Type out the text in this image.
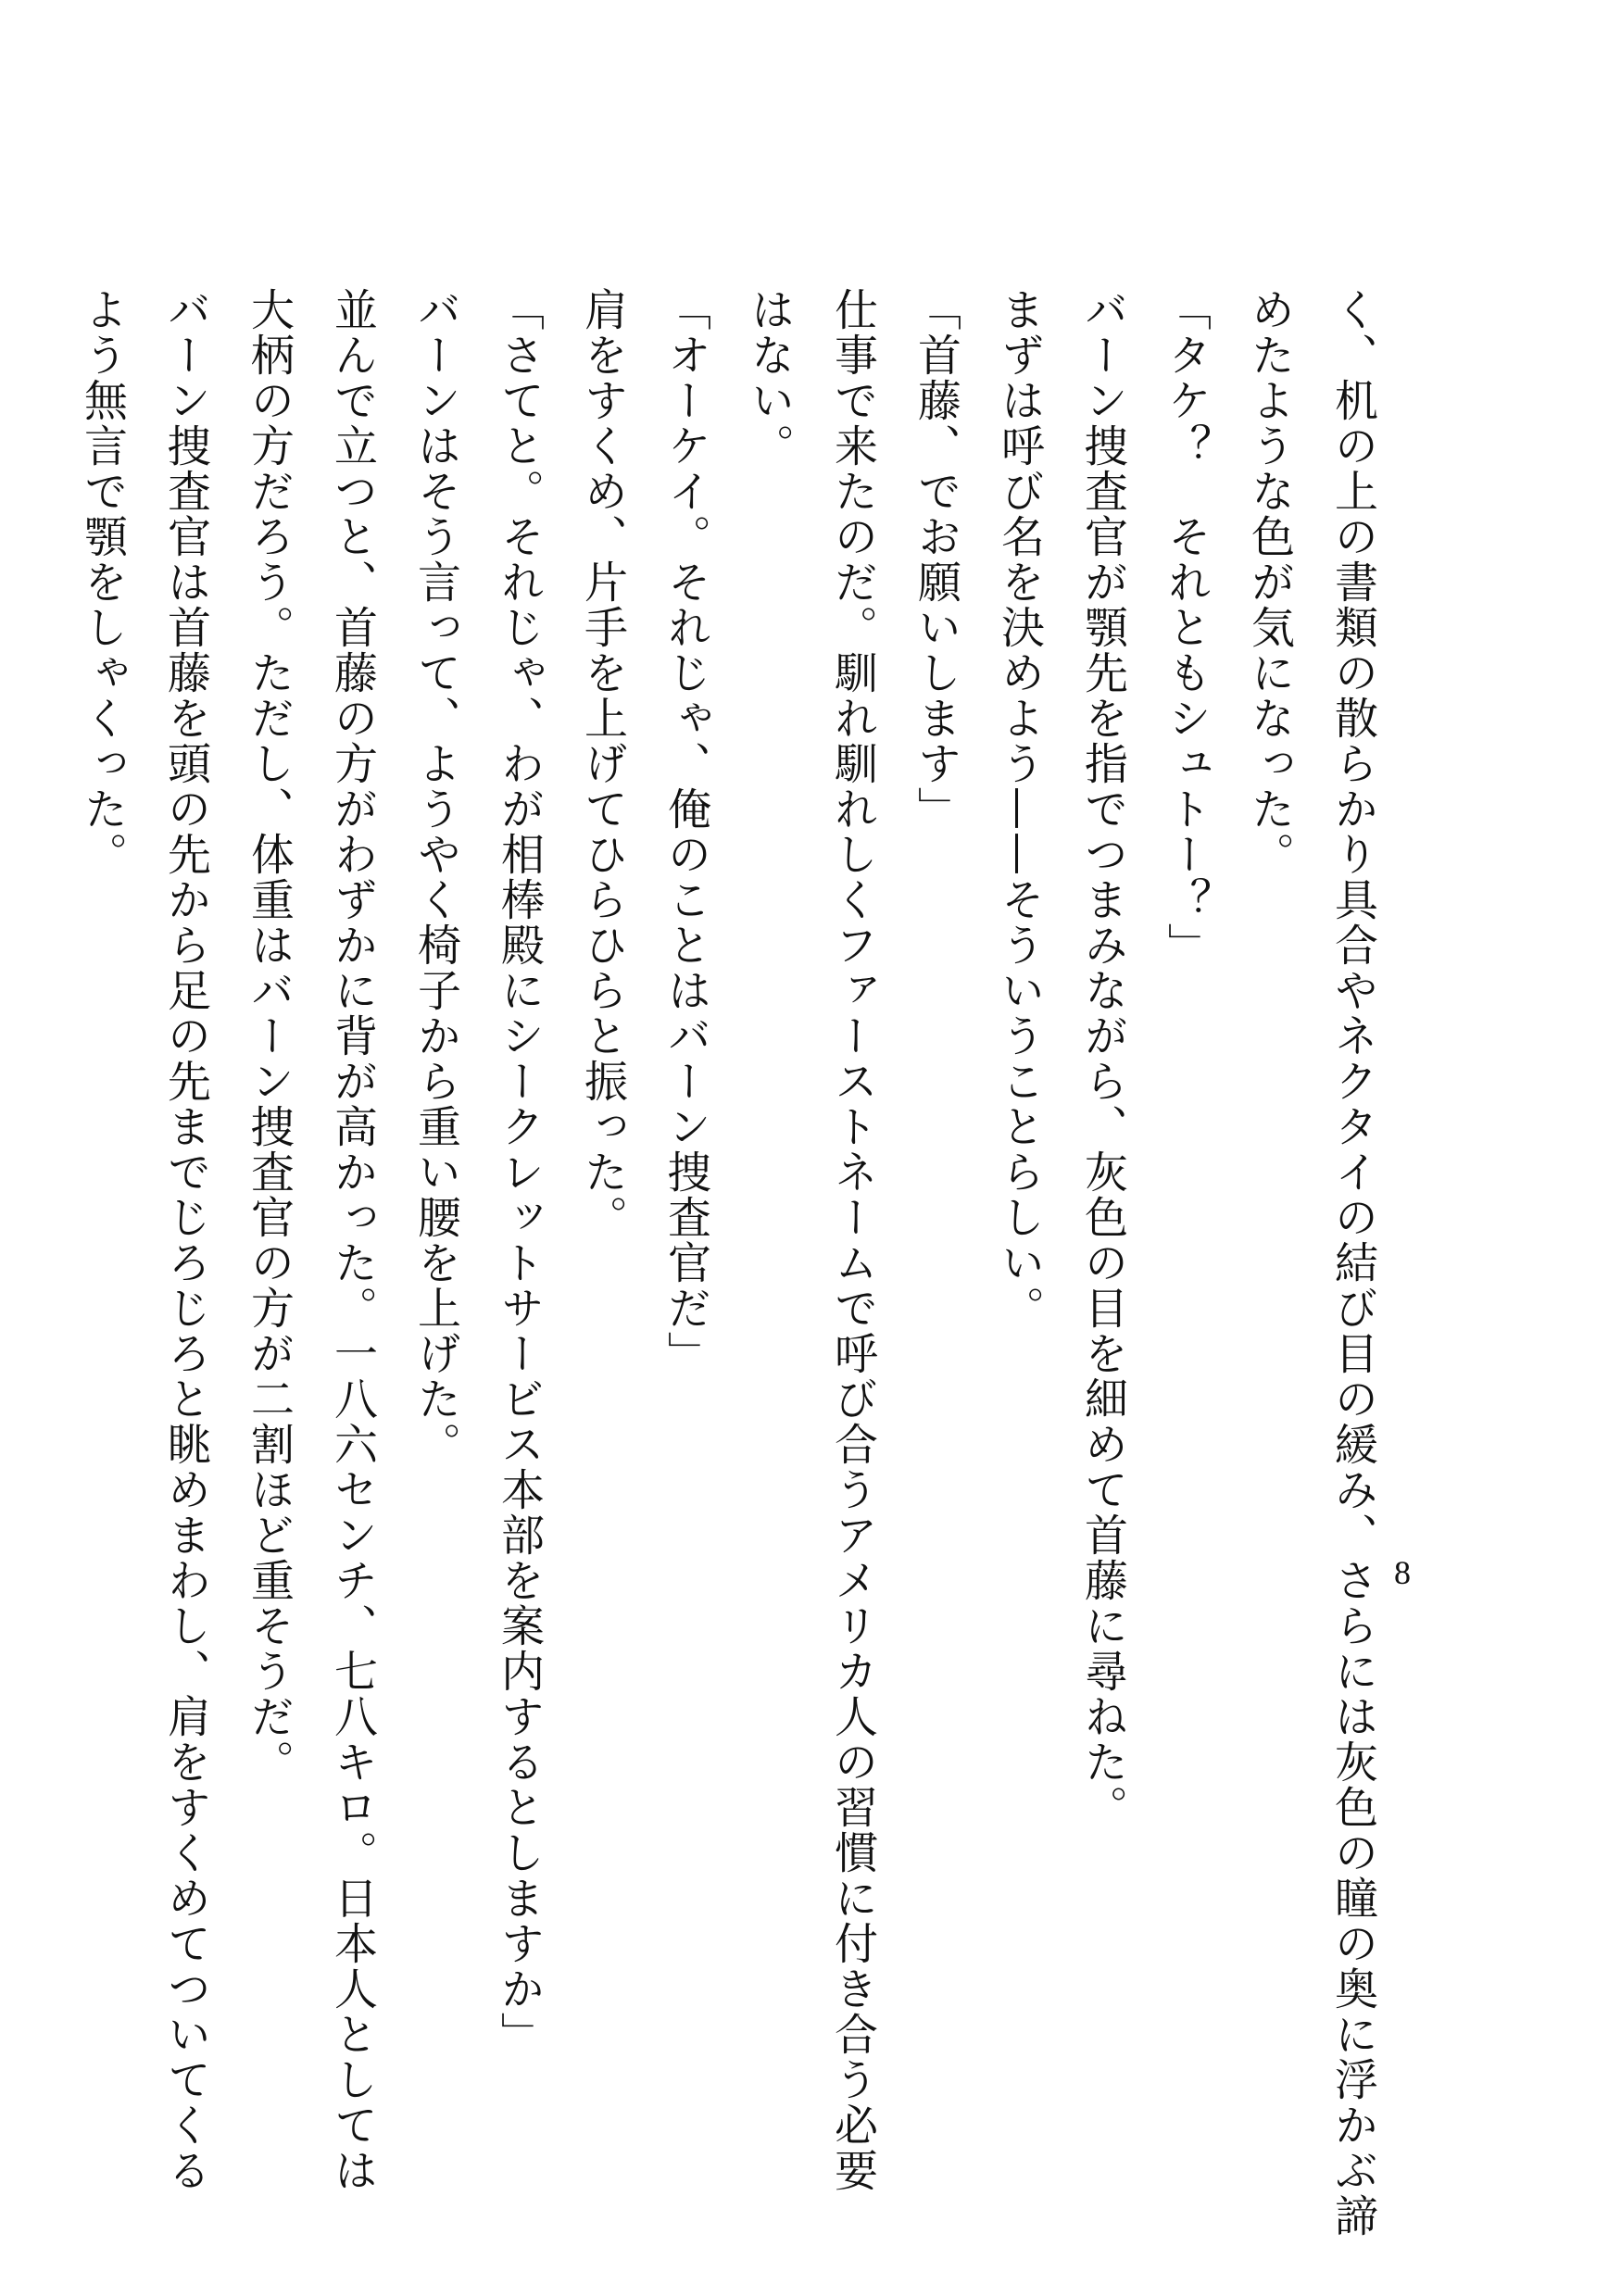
く、机の上の書類の散らかり具合やネクタイの結び目の緩み、さらには灰色の瞳の奥に浮かぶ諦

めたような色が気になった。

「タケ？　それともシュトー？」

バーン捜査官が顎先を指でつまみながら、灰色の目を細めて首藤に尋ねた。

まずは呼び名を決めよう——そういうことらしい。

「首藤、でお願いします」

仕事で来たのだ。馴れ馴れしくファーストネームで呼び合うアメリカ人の習慣に付き合う必要

はない。

「オーケイ。それじゃ、俺のことはバーン捜査官だ」

肩をすくめ、片手を上げてひらひらと振った。

「さてと。それじゃ、わが相棒殿にシークレットサービス本部を案内するとしますか」

バーンはそう言って、ようやく椅子から重い腰を上げた。

並んで立つと、首藤の方がわずかに背が高かった。一八六センチ、七八キロ。日本人としては

大柄の方だろう。ただし、体重はバーン捜査官の方が二割ほど重そうだ。

バーン捜査官は首藤を頭の先から足の先までじろじろと眺めまわし、肩をすくめてついてくる

よう無言で顎をしゃくった。

8
